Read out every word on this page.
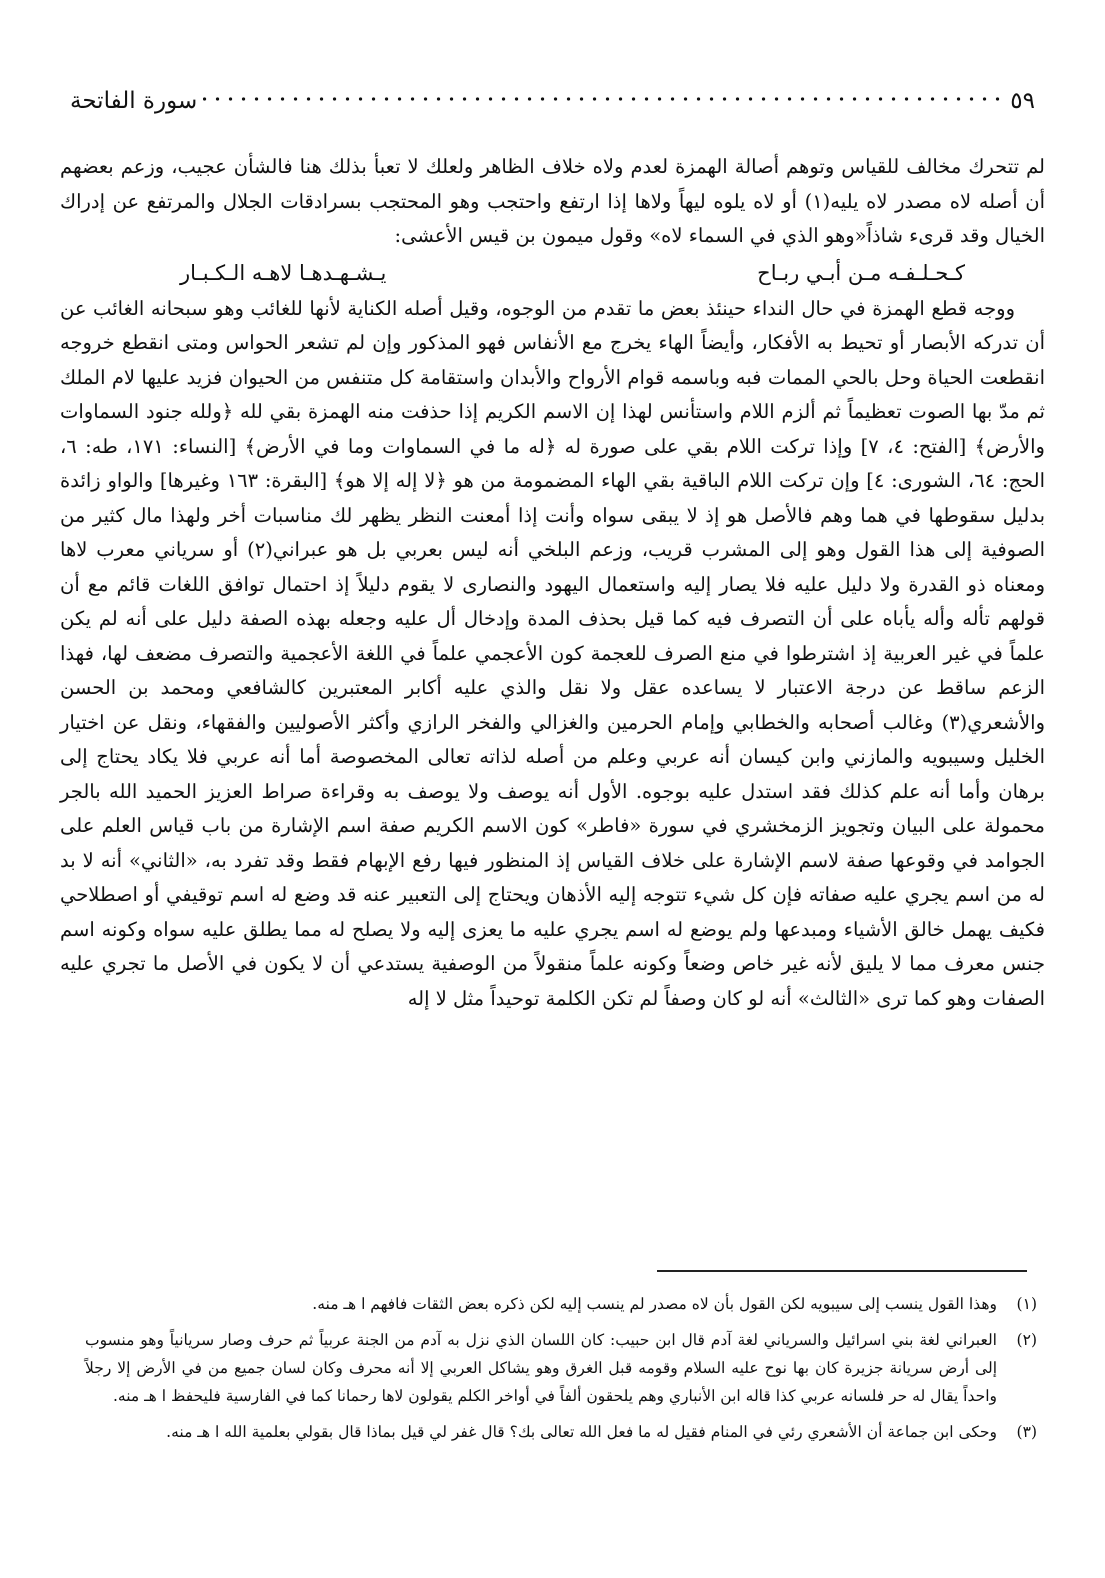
سورة الفاتحة	٥٩

لم تتحرك مخالف للقياس وتوهم أصالة الهمزة لعدم ولاه خلاف الظاهر ولعلك لا تعبأ بذلك هنا فالشأن عجيب، وزعم بعضهم أن أصله لاه مصدر لاه يليه(١) أو لاه يلوه ليهاً ولاها إذا ارتفع واحتجب وهو المحتجب بسرادقات الجلال والمرتفع عن إدراك الخيال وقد قرىء شاذاً«وهو الذي في السماء لاه» وقول ميمون بن قيس الأعشى:

كـحـلـفـه مـن أبـي ربـاح
يـشـهـدهـا لاهـه الـكـبـار

ووجه قطع الهمزة في حال النداء حينئذ بعض ما تقدم من الوجوه، وقيل أصله الكناية لأنها للغائب وهو سبحانه الغائب عن أن تدركه الأبصار أو تحيط به الأفكار، وأيضاً الهاء يخرج مع الأنفاس فهو المذكور وإن لم تشعر الحواس ومتى انقطع خروجه انقطعت الحياة وحل بالحي الممات فبه وباسمه قوام الأرواح والأبدان واستقامة كل متنفس من الحيوان فزيد عليها لام الملك ثم مدّ بها الصوت تعظيماً ثم ألزم اللام واستأنس لهذا إن الاسم الكريم إذا حذفت منه الهمزة بقي لله ﴿ولله جنود السماوات والأرض﴾ [الفتح: ٤، ٧] وإذا تركت اللام بقي على صورة له ﴿له ما في السماوات وما في الأرض﴾ [النساء: ١٧١، طه: ٦، الحج: ٦٤، الشورى: ٤] وإن تركت اللام الباقية بقي الهاء المضمومة من هو ﴿لا إله إلا هو﴾ [البقرة: ١٦٣ وغيرها] والواو زائدة بدليل سقوطها في هما وهم فالأصل هو إذ لا يبقى سواه وأنت إذا أمعنت النظر يظهر لك مناسبات أخر ولهذا مال كثير من الصوفية إلى هذا القول وهو إلى المشرب قريب، وزعم البلخي أنه ليس بعربي بل هو عبراني(٢) أو سرياني معرب لاها ومعناه ذو القدرة ولا دليل عليه فلا يصار إليه واستعمال اليهود والنصارى لا يقوم دليلاً إذ احتمال توافق اللغات قائم مع أن قولهم تأله وأله يأباه على أن التصرف فيه كما قيل بحذف المدة وإدخال أل عليه وجعله بهذه الصفة دليل على أنه لم يكن علماً في غير العربية إذ اشترطوا في منع الصرف للعجمة كون الأعجمي علماً في اللغة الأعجمية والتصرف مضعف لها، فهذا الزعم ساقط عن درجة الاعتبار لا يساعده عقل ولا نقل والذي عليه أكابر المعتبرين كالشافعي ومحمد بن الحسن والأشعري(٣) وغالب أصحابه والخطابي وإمام الحرمين والغزالي والفخر الرازي وأكثر الأصوليين والفقهاء، ونقل عن اختيار الخليل وسيبويه والمازني وابن كيسان أنه عربي وعلم من أصله لذاته تعالى المخصوصة أما أنه عربي فلا يكاد يحتاج إلى برهان وأما أنه علم كذلك فقد استدل عليه بوجوه. الأول أنه يوصف ولا يوصف به وقراءة صراط العزيز الحميد الله بالجر محمولة على البيان وتجويز الزمخشري في سورة «فاطر» كون الاسم الكريم صفة اسم الإشارة من باب قياس العلم على الجوامد في وقوعها صفة لاسم الإشارة على خلاف القياس إذ المنظور فيها رفع الإبهام فقط وقد تفرد به، «الثاني» أنه لا بد له من اسم يجري عليه صفاته فإن كل شيء تتوجه إليه الأذهان ويحتاج إلى التعبير عنه قد وضع له اسم توقيفي أو اصطلاحي فكيف يهمل خالق الأشياء ومبدعها ولم يوضع له اسم يجري عليه ما يعزى إليه ولا يصلح له مما يطلق عليه سواه وكونه اسم جنس معرف مما لا يليق لأنه غير خاص وضعاً وكونه علماً منقولاً من الوصفية يستدعي أن لا يكون في الأصل ما تجري عليه الصفات وهو كما ترى «الثالث» أنه لو كان وصفاً لم تكن الكلمة توحيداً مثل لا إله

(١)
وهذا القول ينسب إلى سيبويه لكن القول بأن لاه مصدر لم ينسب إليه لكن ذكره بعض الثقات فافهم ا هـ منه.
(٢)
العبراني لغة بني اسرائيل والسرياني لغة آدم قال ابن حبيب: كان اللسان الذي نزل به آدم من الجنة عربياً ثم حرف وصار سريانياً وهو منسوب إلى أرض سريانة جزيرة كان بها نوح عليه السلام وقومه قبل الغرق وهو يشاكل العربي إلا أنه محرف وكان لسان جميع من في الأرض إلا رجلاً واحداً يقال له حر فلسانه عربي كذا قاله ابن الأنباري وهم يلحقون ألفاً في أواخر الكلم يقولون لاها رحمانا كما في الفارسية فليحفظ ا هـ منه.
(٣)
وحكى ابن جماعة أن الأشعري رئي في المنام فقيل له ما فعل الله تعالى بك؟ قال غفر لي قيل بماذا قال بقولي بعلمية الله ا هـ منه.
